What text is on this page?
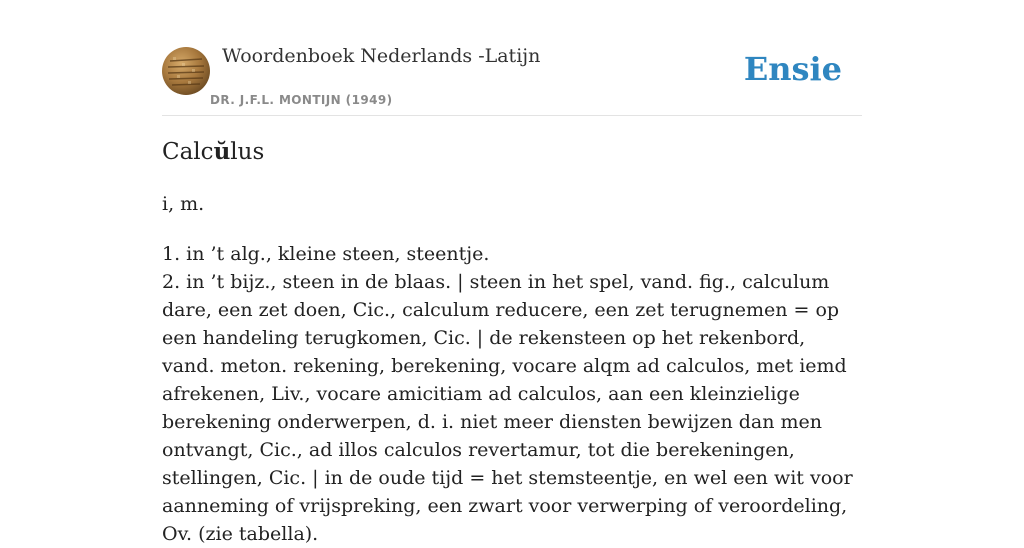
Woordenboek Nederlands -Latijn
DR. J.F.L. MONTIJN (1949)
Ensie
Calcŭlus
i, m.
1. in ’t alg., kleine steen, steentje.
2. in ’t bijz., steen in de blaas. | steen in het spel, vand. fig., calculum dare, een zet doen, Cic., calculum reducere, een zet terugnemen = op een handeling terugkomen, Cic. | de rekensteen op het rekenbord, vand. meton. rekening, berekening, vocare alqm ad calculos, met iemd afrekenen, Liv., vocare amicitiam ad calculos, aan een kleinzielige berekening onderwerpen, d. i. niet meer diensten bewijzen dan men ontvangt, Cic., ad illos calculos revertamur, tot die berekeningen, stellingen, Cic. | in de oude tijd = het stemsteentje, en wel een wit voor aanneming of vrijspreking, een zwart voor verwerping of veroordeling, Ov. (zie tabella).
